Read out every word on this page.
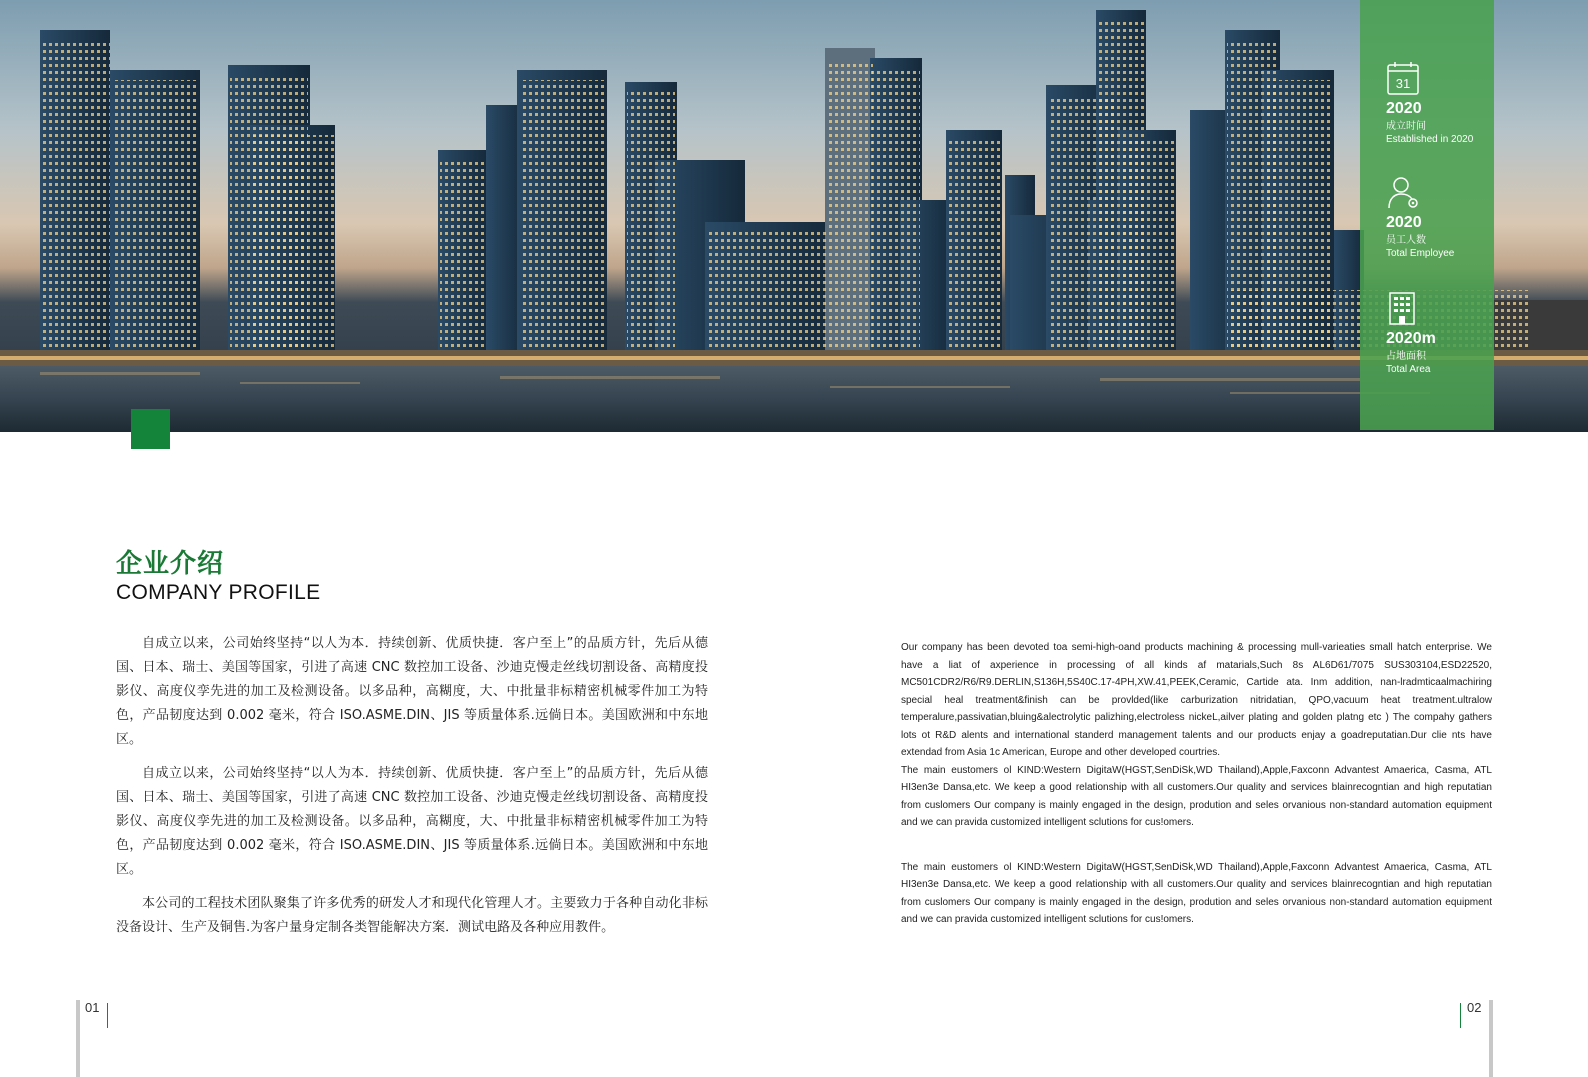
31
2020
成立时间
Established in 2020
2020
员工人数
Total Employee
2020m
占地面积
Total Area
企业介绍
COMPANY PROFILE

自成立以来，公司始终坚持“以人为本．持续创新、优质快捷．客户至上”的品质方针，先后从德国、日本、瑞士、美国等国家，引进了高速 CNC 数控加工设备、沙迪克慢走丝线切割设备、高精度投影仪、高度仪孪先进的加工及检测设备。以多品种，高糊度，大、中批量非标精密机械零件加工为特色，产品韧度达到 0.002 毫米，符合 ISO.ASME.DIN、JIS 等质量体系.远倘日本。美国欧洲和中东地区。

自成立以来，公司始终坚持“以人为本．持续创新、优质快捷．客户至上”的品质方针，先后从德国、日本、瑞士、美国等国家，引进了高速 CNC 数控加工设备、沙迪克慢走丝线切割设备、高精度投影仪、高度仪孪先进的加工及检测设备。以多品种，高糊度，大、中批量非标精密机械零件加工为特色，产品韧度达到 0.002 毫米，符合 ISO.ASME.DIN、JIS 等质量体系.远倘日本。美国欧洲和中东地区。

本公司的工程技术团队聚集了许多优秀的研发人才和现代化管理人才。主要致力于各种自动化非标没备设计、生产及铜售.为客户量身定制各类智能解决方案．测试电路及各种应用教件。

Our company has been devoted toa semi-high-oand products machining & processing mull-varieaties small hatch enterprise. We have a liat of axperience in processing of all kinds af matarials,Such 8s AL6D61/7075 SUS303104,ESD22520, MC501CDR2/R6/R9.DERLIN,S136H,5S40C.17-4PH,XW.41,PEEK,Ceramic, Cartide ata. Inm addition, nan-lradmticaalmachiring special heal treatment&finish can be provlded(like carburization nitridatian, QPO,vacuum heat treatment.ultralow temperalure,passivatian,bluing&alectrolytic palizhing,electroless nickeL,ailver plating and golden platng etc ) The compahy gathers lots ot R&D alents and international standerd management talents and our products enjay a goadreputatian.Dur clie nts have extendad from Asia 1c American, Europe and other developed courtries.

The main eustomers ol KIND:Western DigitaW(HGST,SenDiSk,WD Thailand),Apple,Faxconn Advantest Amaerica, Casma, ATL HI3en3e Dansa,etc. We keep a good relationship with all customers.Our quality and services blainrecogntian and high reputatian from cuslomers Our company is mainly engaged in the design, prodution and seles orvanious non-standard automation equipment and we can pravida customized intelligent sclutions for cus!omers.

The main eustomers ol KIND:Western DigitaW(HGST,SenDiSk,WD Thailand),Apple,Faxconn Advantest Amaerica, Casma, ATL HI3en3e Dansa,etc. We keep a good relationship with all customers.Our quality and services blainrecogntian and high reputatian from cuslomers Our company is mainly engaged in the design, prodution and seles orvanious non-standard automation equipment and we can pravida customized intelligent sclutions for cus!omers.

01	02
